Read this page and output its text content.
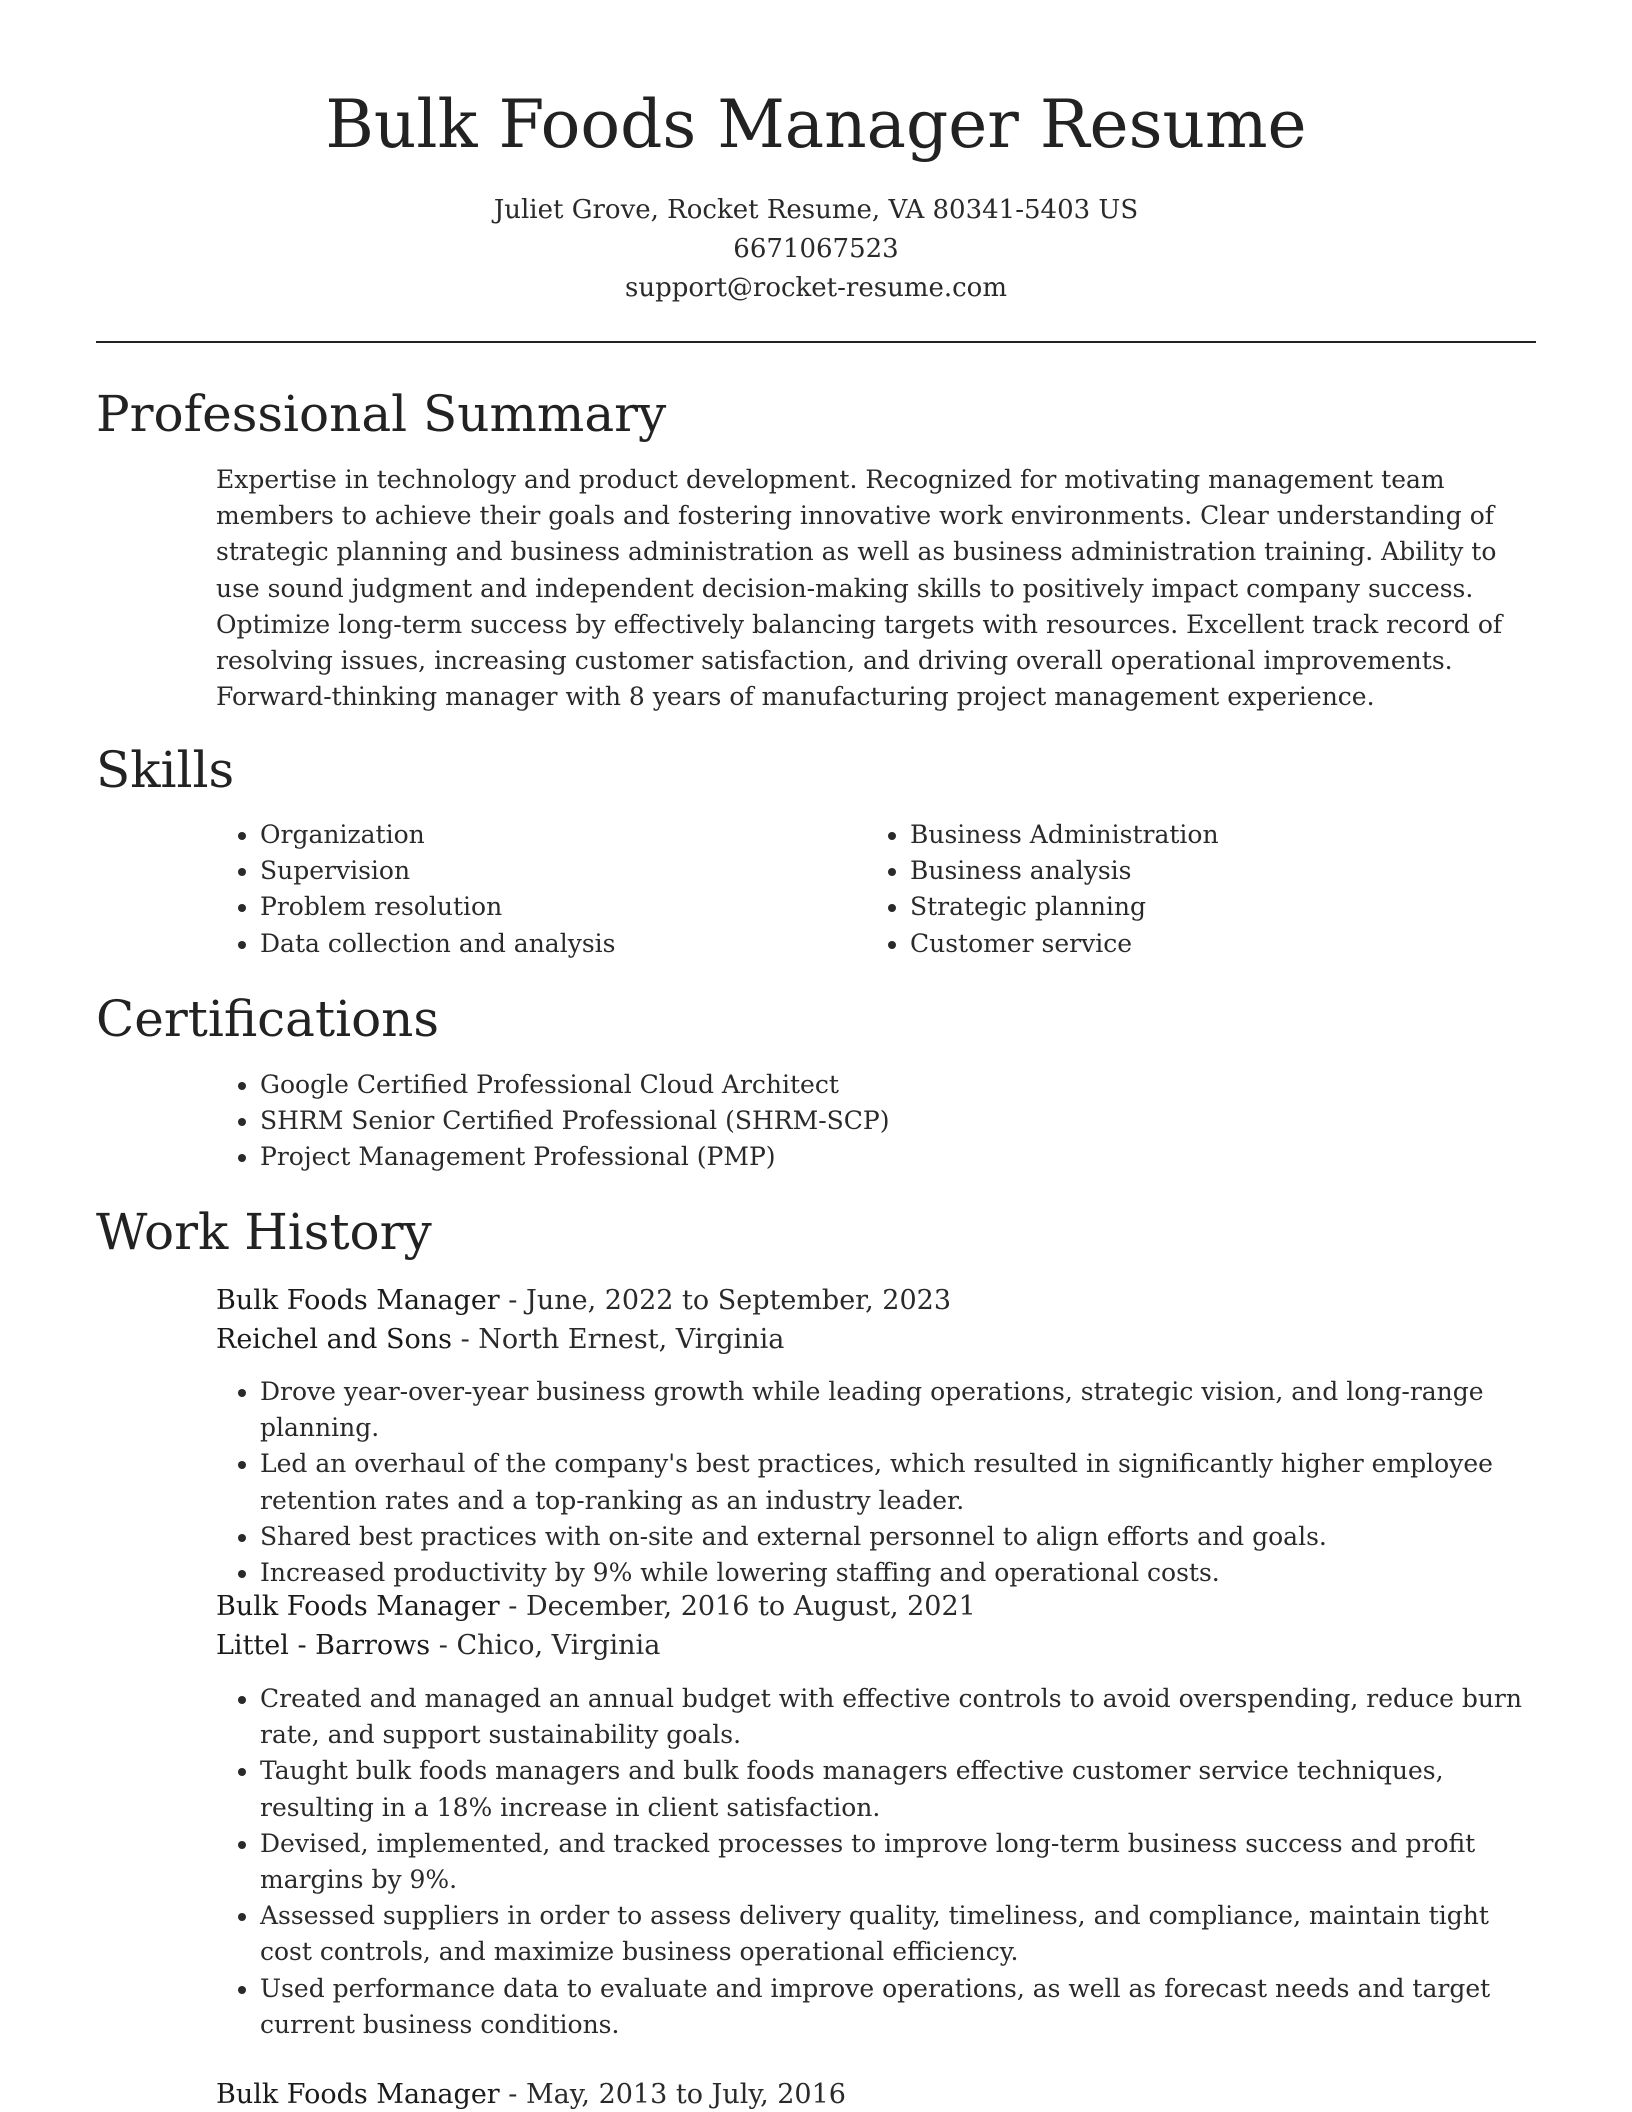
Bulk Foods Manager Resume
Juliet Grove, Rocket Resume, VA 80341-5403 US
6671067523
support@rocket-resume.com
Professional Summary

Expertise in technology and product development. Recognized for motivating management team members to achieve their goals and fostering innovative work environments. Clear understanding of strategic planning and business administration as well as business administration training. Ability to use sound judgment and independent decision-making skills to positively impact company success. Optimize long-term success by effectively balancing targets with resources. Excellent track record of resolving issues, increasing customer satisfaction, and driving overall operational improvements. Forward-thinking manager with 8 years of manufacturing project management experience.

Skills
• Organization
• Supervision
• Problem resolution
• Data collection and analysis
• Business Administration
• Business analysis
• Strategic planning
• Customer service
Certifications
• Google Certified Professional Cloud Architect
• SHRM Senior Certified Professional (SHRM-SCP)
• Project Management Professional (PMP)
Work History
Bulk Foods Manager - June, 2022 to September, 2023
Reichel and Sons - North Ernest, Virginia
• Drove year-over-year business growth while leading operations, strategic vision, and long-range planning.
• Led an overhaul of the company's best practices, which resulted in significantly higher employee retention rates and a top-ranking as an industry leader.
• Shared best practices with on-site and external personnel to align efforts and goals.
• Increased productivity by 9% while lowering staffing and operational costs.
Bulk Foods Manager - December, 2016 to August, 2021
Littel - Barrows - Chico, Virginia
• Created and managed an annual budget with effective controls to avoid overspending, reduce burn rate, and support sustainability goals.
• Taught bulk foods managers and bulk foods managers effective customer service techniques, resulting in a 18% increase in client satisfaction.
• Devised, implemented, and tracked processes to improve long-term business success and profit margins by 9%.
• Assessed suppliers in order to assess delivery quality, timeliness, and compliance, maintain tight cost controls, and maximize business operational efficiency.
• Used performance data to evaluate and improve operations, as well as forecast needs and target current business conditions.
Bulk Foods Manager - May, 2013 to July, 2016
